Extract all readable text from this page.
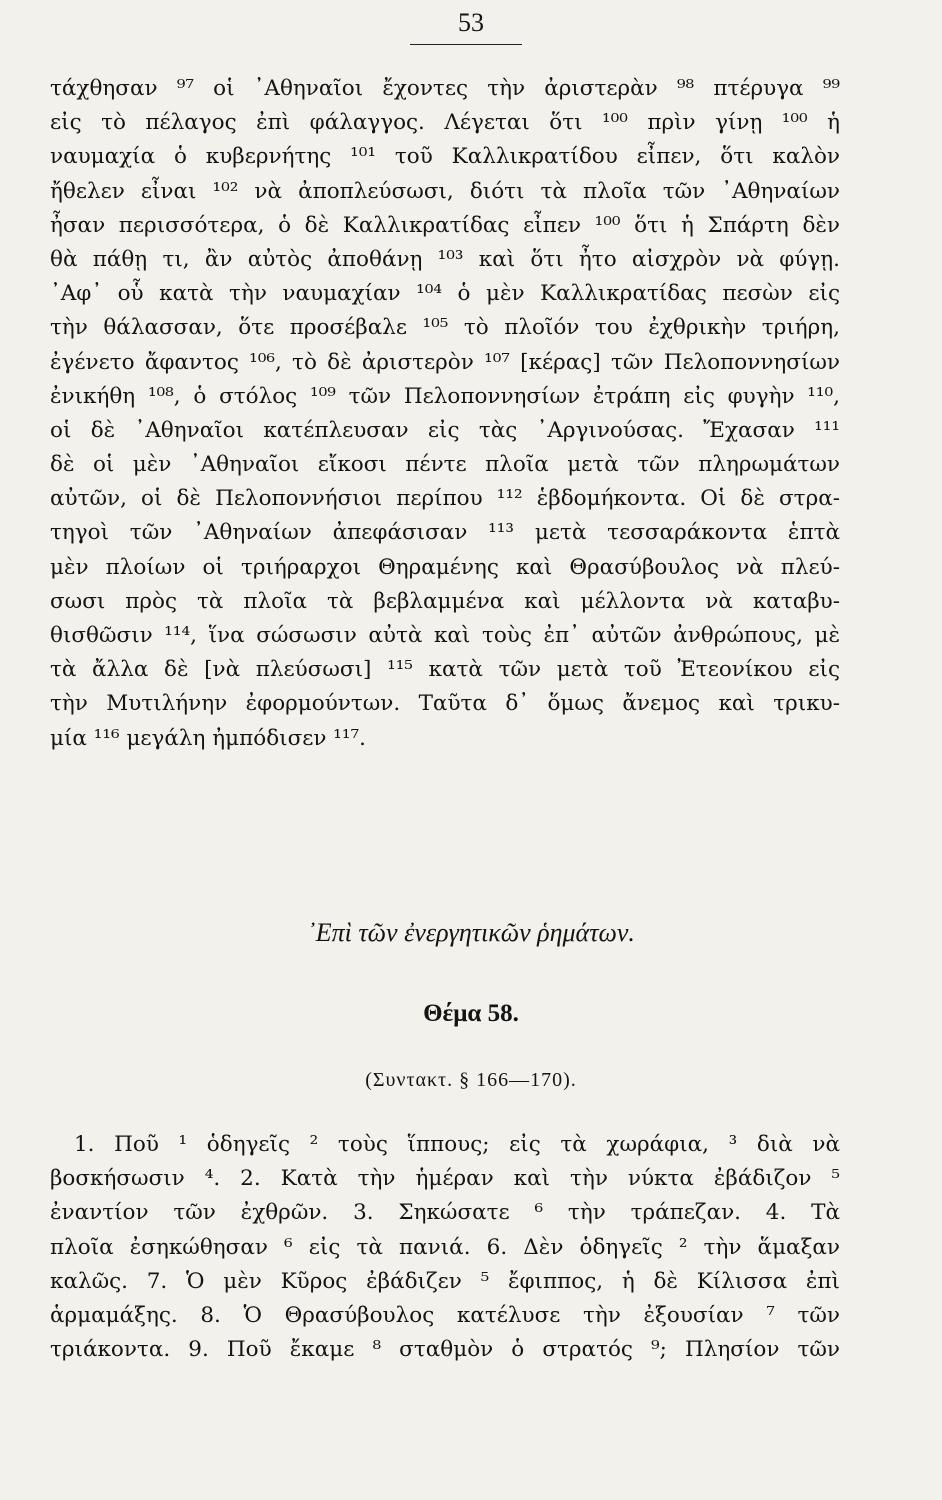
53
τάχθησαν ⁹⁷ οἱ ᾿Αθηναῖοι ἔχοντες τὴν ἀριστερὰν ⁹⁸ πτέρυγα ⁹⁹
εἰς τὸ πέλαγος ἐπὶ φάλαγγος. Λέγεται ὅτι ¹⁰⁰ πρὶν γίνῃ ¹⁰⁰ ἡ
ναυμαχία ὁ κυβερνήτης ¹⁰¹ τοῦ Καλλικρατίδου εἶπεν, ὅτι καλὸν
ἤθελεν εἶναι ¹⁰² νὰ ἀποπλεύσωσι, διότι τὰ πλοῖα τῶν ᾿Αθηναίων
ἦσαν περισσότερα, ὁ δὲ Καλλικρατίδας εἶπεν ¹⁰⁰ ὅτι ἡ Σπάρτη δὲν
θὰ πάθῃ τι, ἂν αὐτὸς ἀποθάνῃ ¹⁰³ καὶ ὅτι ἦτο αἰσχρὸν νὰ φύγῃ.
᾿Αφ᾿ οὗ κατὰ τὴν ναυμαχίαν ¹⁰⁴ ὁ μὲν Καλλικρατίδας πεσὼν εἰς
τὴν θάλασσαν, ὅτε προσέβαλε ¹⁰⁵ τὸ πλοῖόν του ἐχθρικὴν τριήρη,
ἐγένετο ἄφαντος ¹⁰⁶, τὸ δὲ ἀριστερὸν ¹⁰⁷ [κέρας] τῶν Πελοποννησίων
ἐνικήθη ¹⁰⁸, ὁ στόλος ¹⁰⁹ τῶν Πελοποννησίων ἐτράπη εἰς φυγὴν ¹¹⁰,
οἱ δὲ ᾿Αθηναῖοι κατέπλευσαν εἰς τὰς ᾿Αργινούσας. Ἔχασαν ¹¹¹
δὲ οἱ μὲν ᾿Αθηναῖοι εἴκοσι πέντε πλοῖα μετὰ τῶν πληρωμάτων
αὐτῶν, οἱ δὲ Πελοποννήσιοι περίπου ¹¹² ἑβδομήκοντα. Οἱ δὲ στρα-
τηγοὶ τῶν ᾿Αθηναίων ἀπεφάσισαν ¹¹³ μετὰ τεσσαράκοντα ἑπτὰ
μὲν πλοίων οἱ τριήραρχοι Θηραμένης καὶ Θρασύβουλος νὰ πλεύ-
σωσι πρὸς τὰ πλοῖα τὰ βεβλαμμένα καὶ μέλλοντα νὰ καταβυ-
θισθῶσιν ¹¹⁴, ἵνα σώσωσιν αὐτὰ καὶ τοὺς ἐπ᾿ αὐτῶν ἀνθρώπους, μὲ
τὰ ἄλλα δὲ [νὰ πλεύσωσι] ¹¹⁵ κατὰ τῶν μετὰ τοῦ Ἐτεονίκου εἰς
τὴν Μυτιλήνην ἐφορμούντων. Ταῦτα δ᾿ ὅμως ἄνεμος καὶ τρικυ-
μία ¹¹⁶ μεγάλη ἠμπόδισεν ¹¹⁷.
᾿Επὶ τῶν ἐνεργητικῶν ῥημάτων.
Θέμα 58.
(Συντακτ. § 166—170).
1. Ποῦ ¹ ὁδηγεῖς ² τοὺς ἵππους; εἰς τὰ χωράφια, ³ διὰ νὰ
βοσκήσωσιν ⁴. 2. Κατὰ τὴν ἡμέραν καὶ τὴν νύκτα ἐβάδιζον ⁵
ἐναντίον τῶν ἐχθρῶν. 3. Σηκώσατε ⁶ τὴν τράπεζαν. 4. Τὰ
πλοῖα ἐσηκώθησαν ⁶ εἰς τὰ πανιά. 6. Δὲν ὁδηγεῖς ² τὴν ἅμαξαν
καλῶς. 7. Ὁ μὲν Κῦρος ἐβάδιζεν ⁵ ἔφιππος, ἡ δὲ Κίλισσα ἐπὶ
ἁρμαμάξης. 8. Ὁ Θρασύβουλος κατέλυσε τὴν ἐξουσίαν ⁷ τῶν
τριάκοντα. 9. Ποῦ ἔκαμε ⁸ σταθμὸν ὁ στρατός ⁹; Πλησίον τῶν
